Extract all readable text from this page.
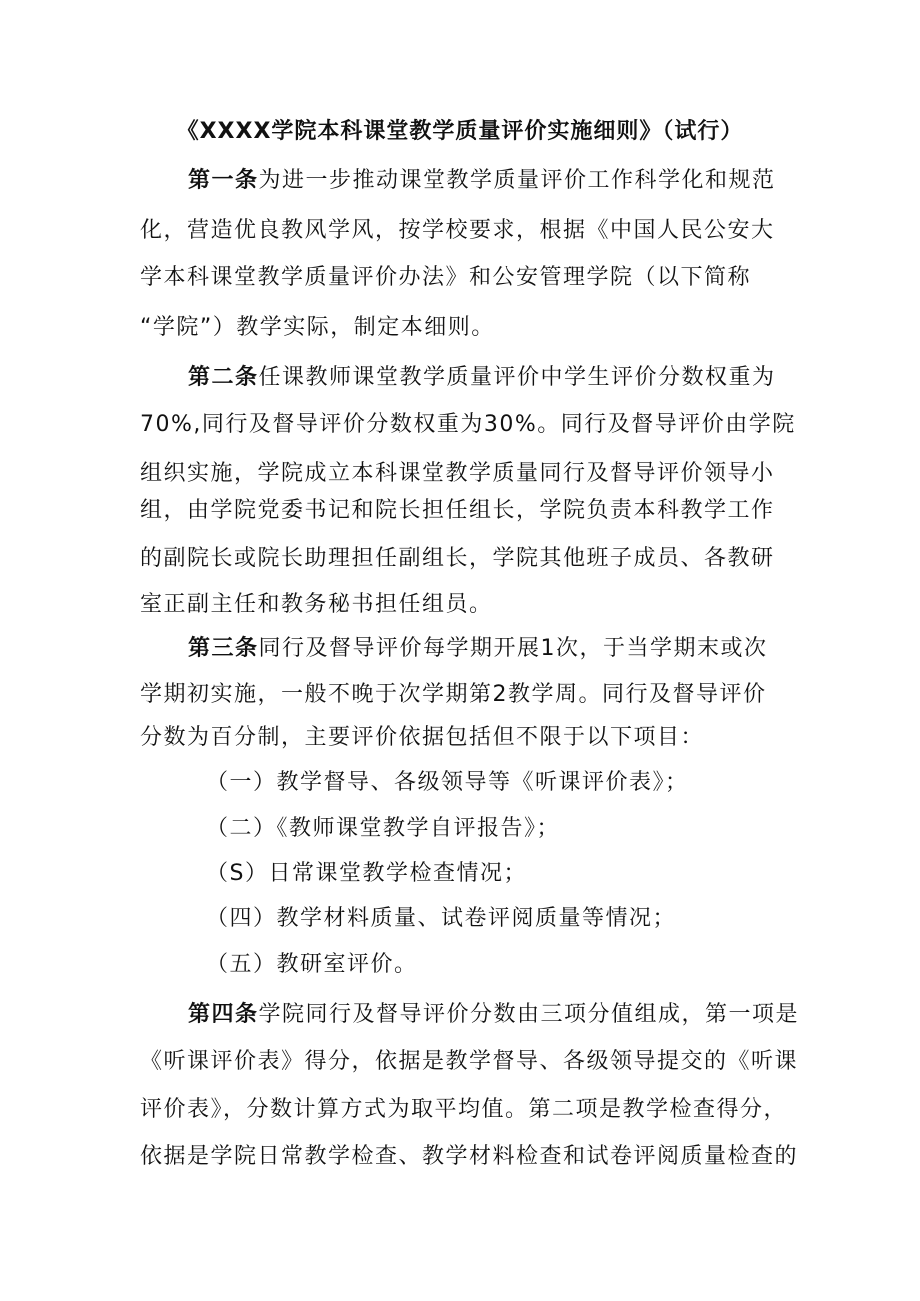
《XXXX学院本科课堂教学质量评价实施细则》（试行）
第一条为进一步推动课堂教学质量评价工作科学化和规范
化，营造优良教风学风，按学校要求，根据《中国人民公安大
学本科课堂教学质量评价办法》和公安管理学院（以下简称
“学院”）教学实际，制定本细则。
第二条任课教师课堂教学质量评价中学生评价分数权重为
70%,同行及督导评价分数权重为30%。同行及督导评价由学院
组织实施，学院成立本科课堂教学质量同行及督导评价领导小
组，由学院党委书记和院长担任组长，学院负责本科教学工作
的副院长或院长助理担任副组长，学院其他班子成员、各教研
室正副主任和教务秘书担任组员。
第三条同行及督导评价每学期开展1次，于当学期末或次
学期初实施，一般不晚于次学期第2教学周。同行及督导评价
分数为百分制，主要评价依据包括但不限于以下项目：
（一）教学督导、各级领导等《听课评价表》；
（二）《教师课堂教学自评报告》；
（S）日常课堂教学检查情况；
（四）教学材料质量、试卷评阅质量等情况；
（五）教研室评价。
第四条学院同行及督导评价分数由三项分值组成，第一项是
《听课评价表》得分，依据是教学督导、各级领导提交的《听课
评价表》，分数计算方式为取平均值。第二项是教学检查得分，
依据是学院日常教学检查、教学材料检查和试卷评阅质量检查的
